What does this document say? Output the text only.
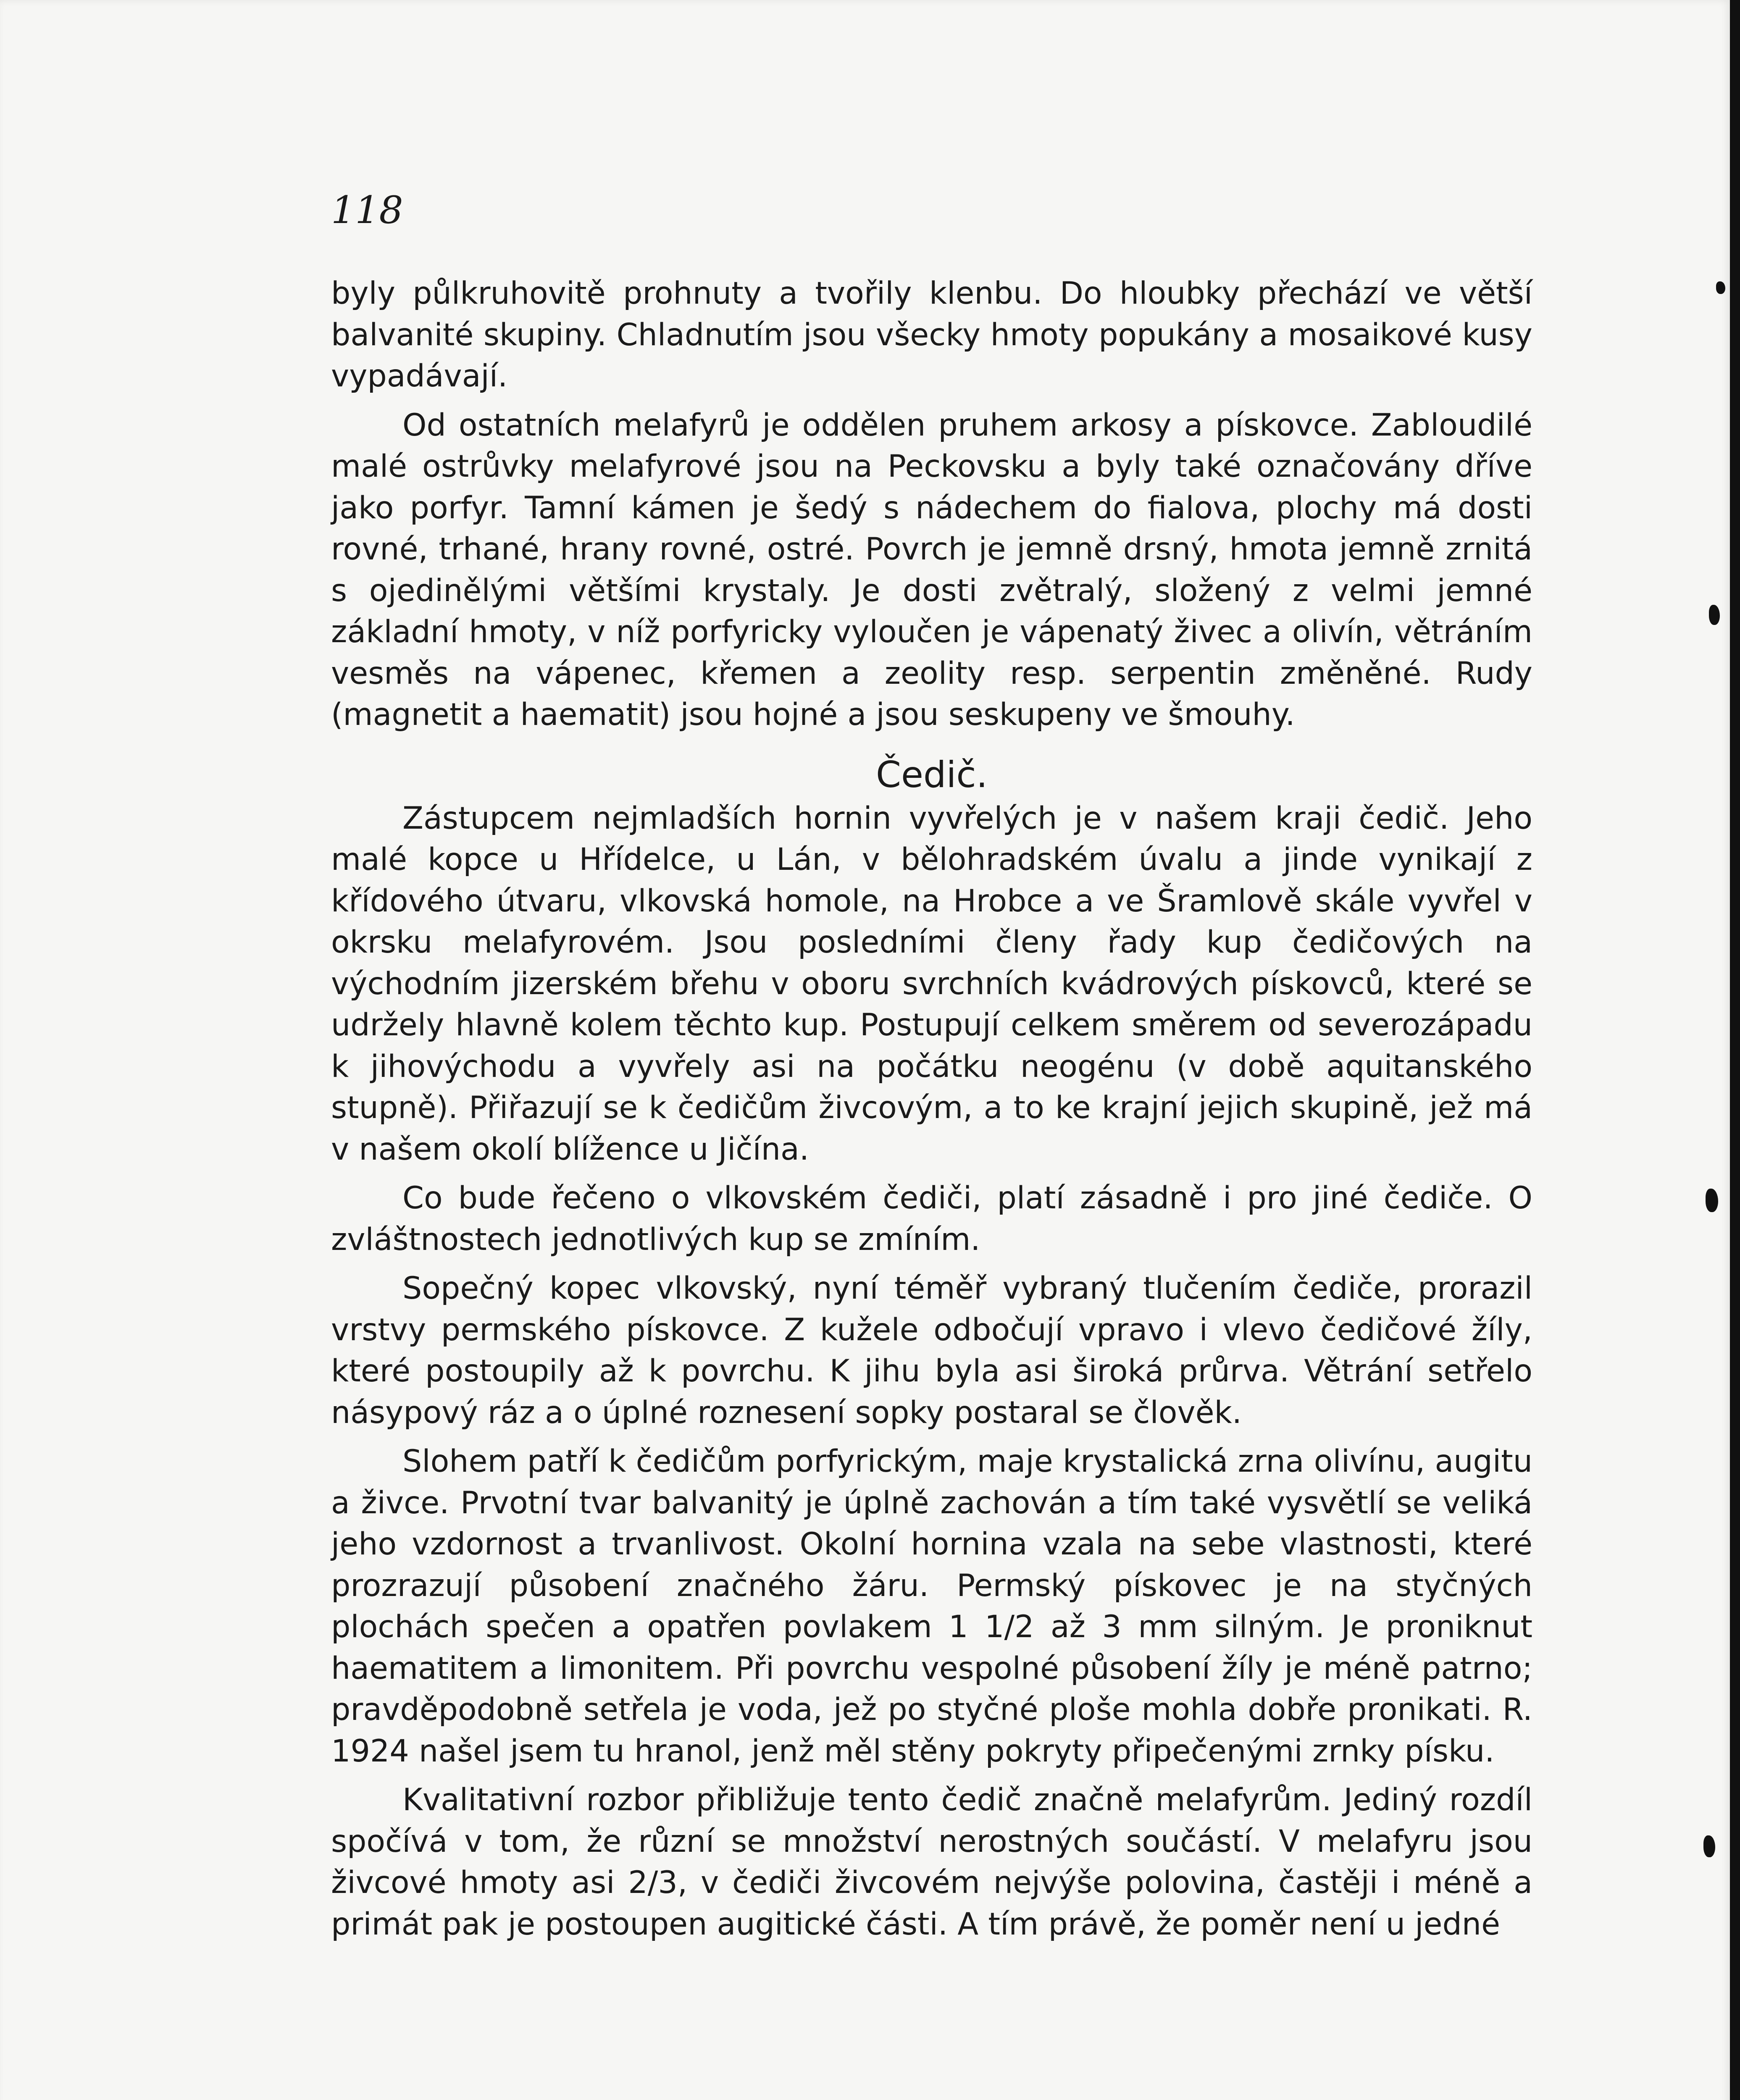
118

byly půlkruhovitě prohnuty a tvořily klenbu. Do hloubky přechází ve větší balvanité skupiny. Chladnutím jsou všecky hmoty popukány a mosaikové kusy vypadávají.

Od ostatních melafyrů je oddělen pruhem arkosy a pískovce. Zabloudilé malé ostrůvky melafyrové jsou na Peckovsku a byly také označovány dříve jako porfyr. Tamní kámen je šedý s nádechem do fialova, plochy má dosti rovné, trhané, hrany rovné, ostré. Povrch je jemně drsný, hmota jemně zrnitá s ojedinělými většími krystaly. Je dosti zvětralý, složený z velmi jemné základní hmoty, v níž porfyricky vyloučen je vápenatý živec a olivín, větráním vesměs na vápenec, křemen a zeolity resp. serpentin změněné. Rudy (magnetit a haematit) jsou hojné a jsou seskupeny ve šmouhy.

Čedič.

Zástupcem nejmladších hornin vyvřelých je v našem kraji čedič. Jeho malé kopce u Hřídelce, u Lán, v bělohradském úvalu a jinde vynikají z křídového útvaru, vlkovská homole, na Hrobce a ve Šramlově skále vyvřel v okrsku melafyrovém. Jsou posledními členy řady kup čedičových na východním jizerském břehu v oboru svrchních kvádrových pískovců, které se udržely hlavně kolem těchto kup. Postupují celkem směrem od severozápadu k jihovýchodu a vyvřely asi na počátku neogénu (v době aquitanského stupně). Přiřazují se k čedičům živcovým, a to ke krajní jejich skupině, jež má v našem okolí blížence u Jičína.

Co bude řečeno o vlkovském čediči, platí zásadně i pro jiné čediče. O zvláštnostech jednotlivých kup se zmíním.

Sopečný kopec vlkovský, nyní téměř vybraný tlučením čediče, prorazil vrstvy permského pískovce. Z kužele odbočují vpravo i vlevo čedičové žíly, které postoupily až k povrchu. K jihu byla asi široká průrva. Větrání setřelo násypový ráz a o úplné roznesení sopky postaral se člověk.

Slohem patří k čedičům porfyrickým, maje krystalická zrna olivínu, augitu a živce. Prvotní tvar balvanitý je úplně zachován a tím také vysvětlí se veliká jeho vzdornost a trvanlivost. Okolní hornina vzala na sebe vlastnosti, které prozrazují působení značného žáru. Permský pískovec je na styčných plochách spečen a opatřen povlakem 1 1/2 až 3 mm silným. Je proniknut haematitem a limonitem. Při povrchu vespolné působení žíly je méně patrno; pravděpodobně setřela je voda, jež po styčné ploše mohla dobře pronikati. R. 1924 našel jsem tu hranol, jenž měl stěny pokryty připečenými zrnky písku.

Kvalitativní rozbor přibližuje tento čedič značně melafyrům. Jediný rozdíl spočívá v tom, že různí se množství nerostných součástí. V melafyru jsou živcové hmoty asi 2/3, v čediči živcovém nejvýše polovina, častěji i méně a primát pak je postoupen augitické části. A tím právě, že poměr není u jedné
